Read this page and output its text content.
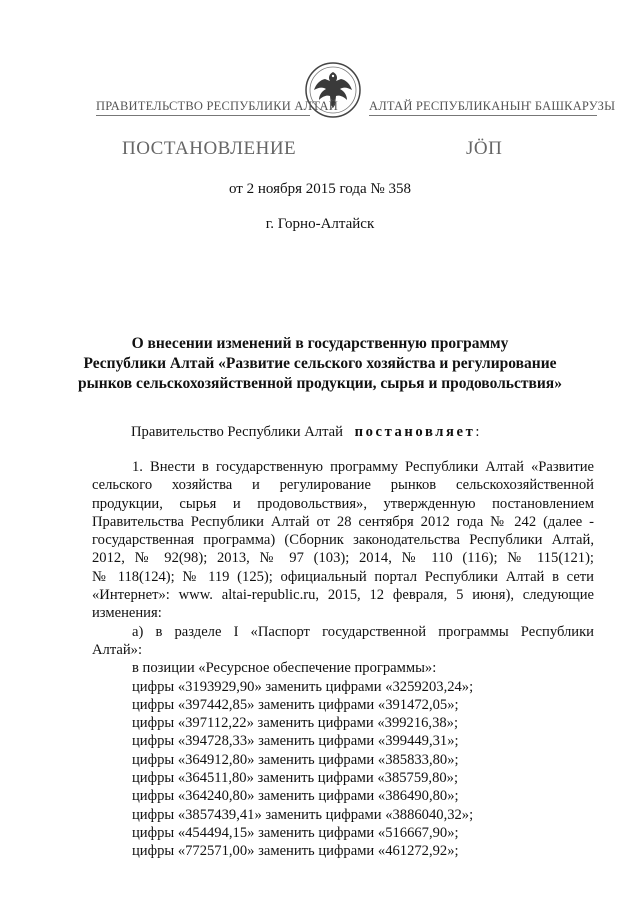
ПРАВИТЕЛЬСТВО РЕСПУБЛИКИ АЛТАЙ АЛТАЙ РЕСПУБЛИКАНЫҤ БАШКАРУЗЫ
ПОСТАНОВЛЕНИЕ	ЈӦП
от 2 ноября 2015 года № 358
г. Горно-Алтайск
О внесении изменений в государственную программу
Республики Алтай «Развитие сельского хозяйства и регулирование
рынков сельскохозяйственной продукции, сырья и продовольствия»
Правительство Республики Алтай постановляет:
1. Внести в государственную программу Республики Алтай «Развитие
сельского хозяйства и регулирование рынков сельскохозяйственной
продукции, сырья и продовольствия», утвержденную постановлением
Правительства Республики Алтай от 28 сентября 2012 года № 242 (далее -
государственная программа) (Сборник законодательства Республики Алтай,
2012, № 92(98); 2013, № 97 (103); 2014, № 110 (116); № 115(121);
№ 118(124); № 119 (125); официальный портал Республики Алтай в сети
«Интернет»: www. altai-republic.ru, 2015, 12 февраля, 5 июня), следующие
изменения:
а) в разделе I «Паспорт государственной программы Республики
Алтай»:
в позиции «Ресурсное обеспечение программы»:
цифры «3193929,90» заменить цифрами «3259203,24»;
цифры «397442,85» заменить цифрами «391472,05»;
цифры «397112,22» заменить цифрами «399216,38»;
цифры «394728,33» заменить цифрами «399449,31»;
цифры «364912,80» заменить цифрами «385833,80»;
цифры «364511,80» заменить цифрами «385759,80»;
цифры «364240,80» заменить цифрами «386490,80»;
цифры «3857439,41» заменить цифрами «3886040,32»;
цифры «454494,15» заменить цифрами «516667,90»;
цифры «772571,00» заменить цифрами «461272,92»;
